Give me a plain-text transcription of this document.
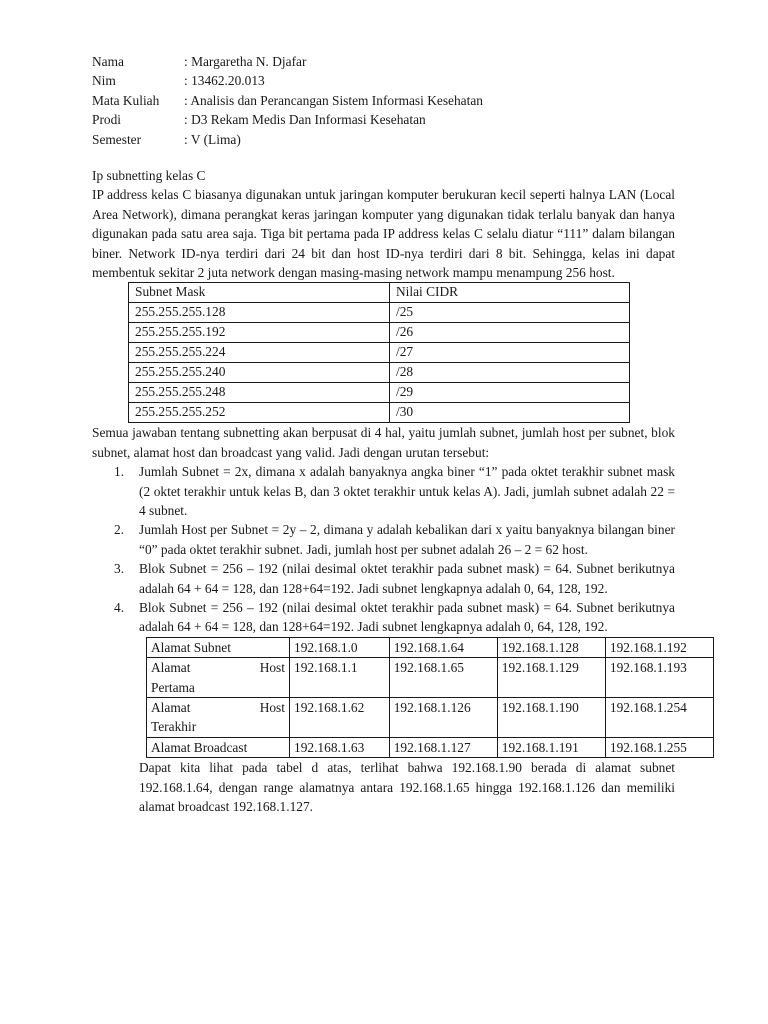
Nama	: Margaretha N. Djafar
Nim	: 13462.20.013
Mata Kuliah	: Analisis dan Perancangan Sistem Informasi Kesehatan
Prodi	: D3 Rekam Medis Dan Informasi Kesehatan
Semester	: V (Lima)
Ip subnetting kelas C
IP address kelas C biasanya digunakan untuk jaringan komputer berukuran kecil seperti halnya LAN (Local Area Network), dimana perangkat keras jaringan komputer yang digunakan tidak terlalu banyak dan hanya digunakan pada satu area saja. Tiga bit pertama pada IP address kelas C selalu diatur “111” dalam bilangan biner. Network ID-nya terdiri dari 24 bit dan host ID-nya terdiri dari 8 bit. Sehingga, kelas ini dapat membentuk sekitar 2 juta network dengan masing-masing network mampu menampung 256 host.
Subnet Mask	Nilai CIDR
255.255.255.128	/25
255.255.255.192	/26
255.255.255.224	/27
255.255.255.240	/28
255.255.255.248	/29
255.255.255.252	/30
Semua jawaban tentang subnetting akan berpusat di 4 hal, yaitu jumlah subnet, jumlah host per subnet, blok subnet, alamat host dan broadcast yang valid. Jadi dengan urutan tersebut:
1.	Jumlah Subnet = 2x, dimana x adalah banyaknya angka biner “1” pada oktet terakhir subnet mask (2 oktet terakhir untuk kelas B, dan 3 oktet terakhir untuk kelas A). Jadi, jumlah subnet adalah 22 = 4 subnet.
2.	Jumlah Host per Subnet = 2y – 2, dimana y adalah kebalikan dari x yaitu banyaknya bilangan biner “0” pada oktet terakhir subnet. Jadi, jumlah host per subnet adalah 26 – 2 = 62 host.
3.	Blok Subnet = 256 – 192 (nilai desimal oktet terakhir pada subnet mask) = 64. Subnet berikutnya adalah 64 + 64 = 128, dan 128+64=192. Jadi subnet lengkapnya adalah 0, 64, 128, 192.
4.	Blok Subnet = 256 – 192 (nilai desimal oktet terakhir pada subnet mask) = 64. Subnet berikutnya adalah 64 + 64 = 128, dan 128+64=192. Jadi subnet lengkapnya adalah 0, 64, 128, 192.
Alamat Subnet	192.168.1.0	192.168.1.64	192.168.1.128	192.168.1.192

Alamat Host
Pertama	192.168.1.1	192.168.1.65	192.168.1.129	192.168.1.193

Alamat Host
Terakhir	192.168.1.62	192.168.1.126	192.168.1.190	192.168.1.254
Alamat Broadcast	192.168.1.63	192.168.1.127	192.168.1.191	192.168.1.255
Dapat kita lihat pada tabel d atas, terlihat bahwa 192.168.1.90 berada di alamat subnet 192.168.1.64, dengan range alamatnya antara 192.168.1.65 hingga 192.168.1.126 dan memiliki alamat broadcast 192.168.1.127.
